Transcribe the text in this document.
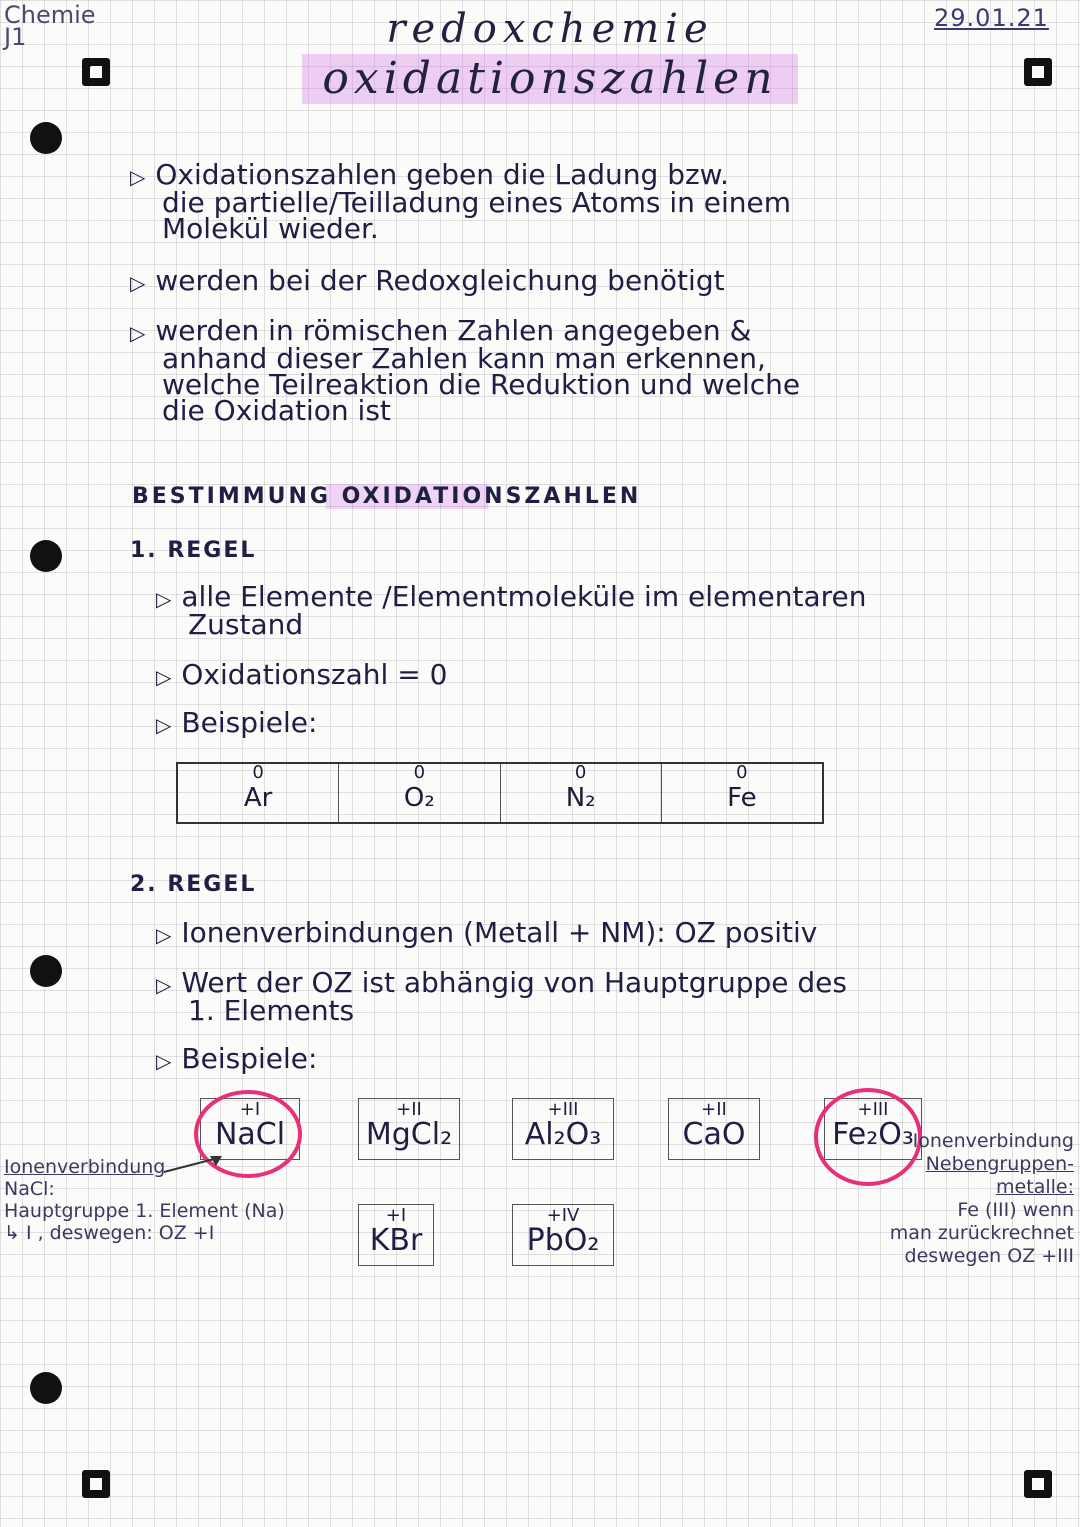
Chemie
J1
29.01.21
redoxchemie
oxidationszahlen
▷ Oxidationszahlen geben die Ladung bzw.
die partielle/Teilladung eines Atoms in einem
Molekül wieder.
▷ werden bei der Redoxgleichung benötigt
▷ werden in römischen Zahlen angegeben &
anhand dieser Zahlen kann man erkennen,
welche Teilreaktion die Reduktion und welche
die Oxidation ist
BESTIMMUNG OXIDATIONSZAHLEN
1. REGEL
▷ alle Elemente /Elementmoleküle im elementaren
Zustand
▷ Oxidationszahl = 0
▷ Beispiele:
0
Ar
0
O₂
0
N₂
0
Fe
2. REGEL
▷ Ionenverbindungen (Metall + NM): OZ positiv
▷ Wert der OZ ist abhängig von Hauptgruppe des
1. Elements
▷ Beispiele:
+I
NaCl
+II
MgCl₂
+III
Al₂O₃
+II
CaO
+III
Fe₂O₃
+I
KBr
+IV
PbO₂
Ionenverbindung
NaCl:
Hauptgruppe 1. Element (Na)
↳ I , deswegen: OZ +I
Ionenverbindung
Nebengruppen-
metalle:
Fe (III) wenn
man zurückrechnet
deswegen OZ +III
